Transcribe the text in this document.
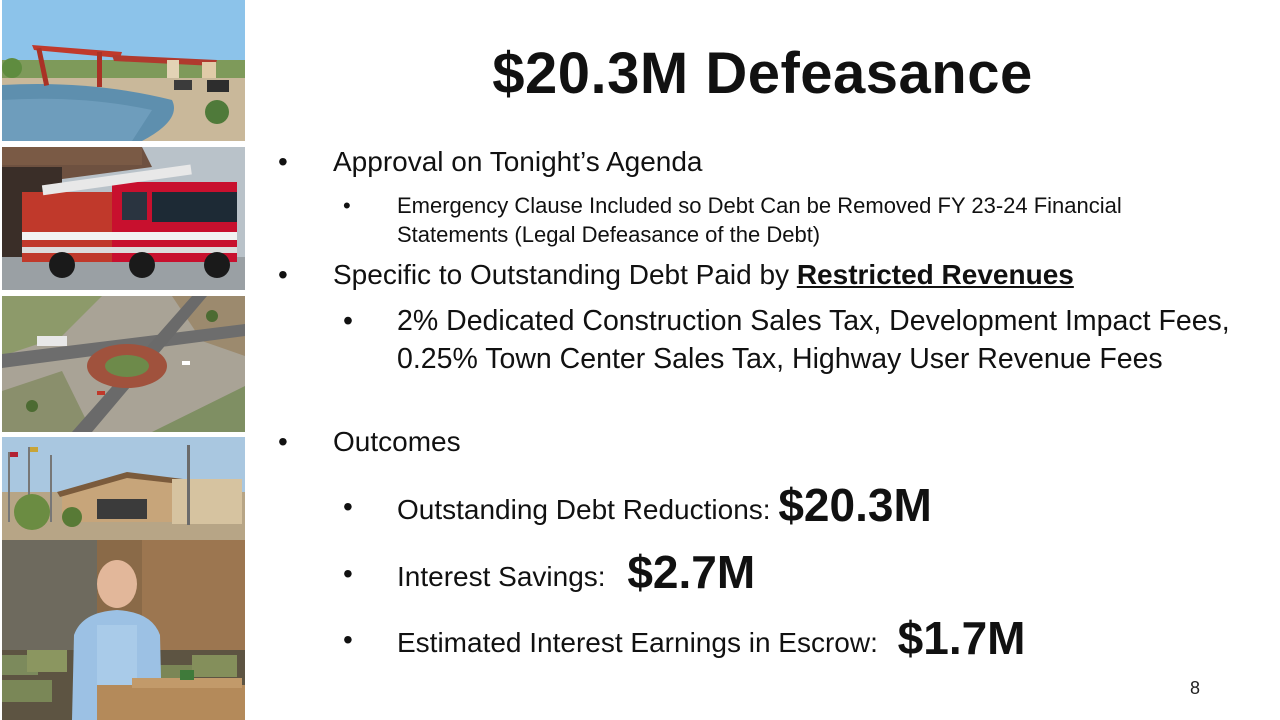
$20.3M Defeasance
• Approval on Tonight’s Agenda
• Emergency Clause Included so Debt Can be Removed FY 23-24 Financial Statements (Legal Defeasance of the Debt)
• Specific to Outstanding Debt Paid by Restricted Revenues
• 2% Dedicated Construction Sales Tax, Development Impact Fees, 0.25% Town Center Sales Tax, Highway User Revenue Fees
• Outcomes
• Outstanding Debt Reductions: $20.3M
• Interest Savings: $2.7M
• Estimated Interest Earnings in Escrow: $1.7M
8
